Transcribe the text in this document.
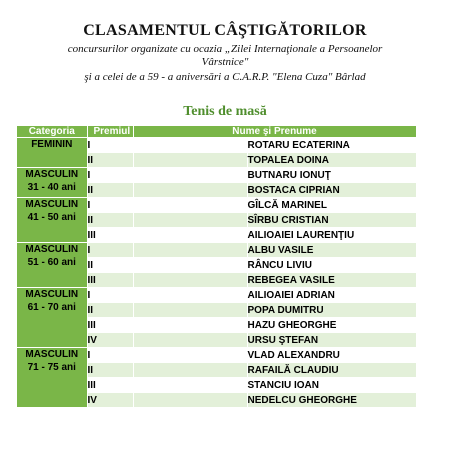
CLASAMENTUL CÂŞTIGĂTORILOR
concursurilor organizate cu ocazia „Zilei Internaţionale a Persoanelor
Vârstnice"
şi a celei de a 59 - a aniversări a C.A.R.P. "Elena Cuza" Bârlad
Tenis de masă
Categoria	Premiul	Nume şi Prenume	

FEMININ	I		ROTARU ECATERINA
	II		TOPALEA DOINA

MASCULIN
31 - 40 ani	I		BUTNARU IONUŢ
	II		BOSTACA CIPRIAN

MASCULIN
41 - 50 ani	I		GÎLCĂ MARINEL
	II		SÎRBU CRISTIAN
	III		AILIOAIEI LAURENŢIU

MASCULIN
51 - 60 ani	I		ALBU VASILE
	II		RÂNCU LIVIU
	III		REBEGEA VASILE

MASCULIN
61 - 70 ani	I		AILIOAIEI ADRIAN
	II		POPA DUMITRU
	III		HAZU GHEORGHE
	IV		URSU ŞTEFAN

MASCULIN
71 - 75 ani	I		VLAD ALEXANDRU
	II		RAFAILĂ CLAUDIU
	III		STANCIU IOAN
	IV		NEDELCU GHEORGHE
